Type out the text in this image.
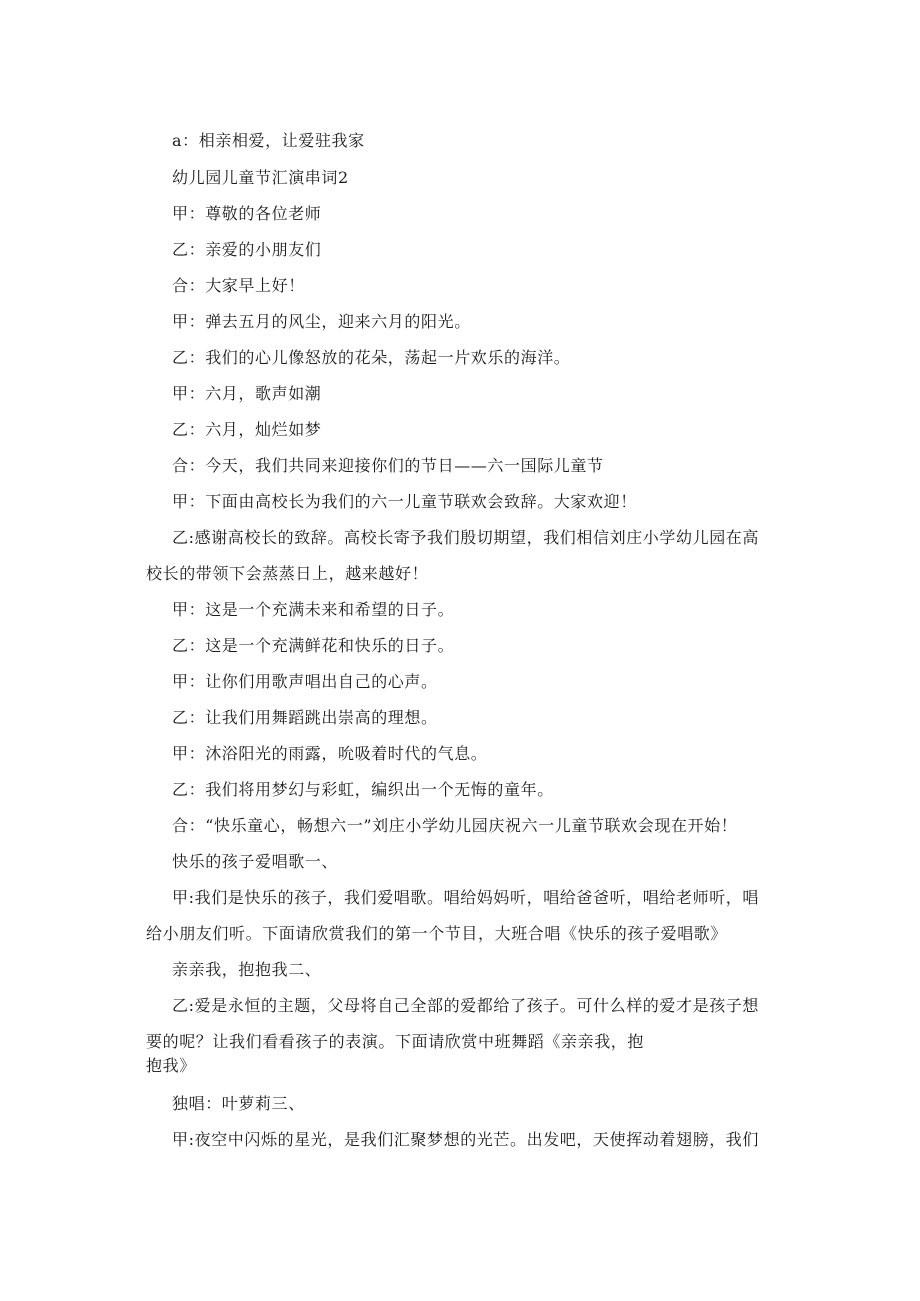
a：相亲相爱，让爱驻我家
幼儿园儿童节汇演串词2
甲：尊敬的各位老师
乙：亲爱的小朋友们
合：大家早上好！
甲：弹去五月的风尘，迎来六月的阳光。
乙：我们的心儿像怒放的花朵，荡起一片欢乐的海洋。
甲：六月，歌声如潮
乙：六月，灿烂如梦
合：今天，我们共同来迎接你们的节日——六一国际儿童节
甲：下面由高校长为我们的六一儿童节联欢会致辞。大家欢迎！
乙:感谢高校长的致辞。高校长寄予我们殷切期望，我们相信刘庄小学幼儿园在高
校长的带领下会蒸蒸日上，越来越好！
甲：这是一个充满未来和希望的日子。
乙：这是一个充满鲜花和快乐的日子。
甲：让你们用歌声唱出自己的心声。
乙：让我们用舞蹈跳出崇高的理想。
甲：沐浴阳光的雨露，吮吸着时代的气息。
乙：我们将用梦幻与彩虹，编织出一个无悔的童年。
合：“快乐童心，畅想六一”刘庄小学幼儿园庆祝六一儿童节联欢会现在开始！
快乐的孩子爱唱歌一、
甲:我们是快乐的孩子，我们爱唱歌。唱给妈妈听，唱给爸爸听，唱给老师听，唱
给小朋友们听。下面请欣赏我们的第一个节目，大班合唱《快乐的孩子爱唱歌》
亲亲我，抱抱我二、
乙:爱是永恒的主题，父母将自己全部的爱都给了孩子。可什么样的爱才是孩子想
要的呢？让我们看看孩子的表演。下面请欣赏中班舞蹈《亲亲我，抱
抱我》
独唱：叶萝莉三、
甲:夜空中闪烁的星光，是我们汇聚梦想的光芒。出发吧，天使挥动着翅膀，我们
